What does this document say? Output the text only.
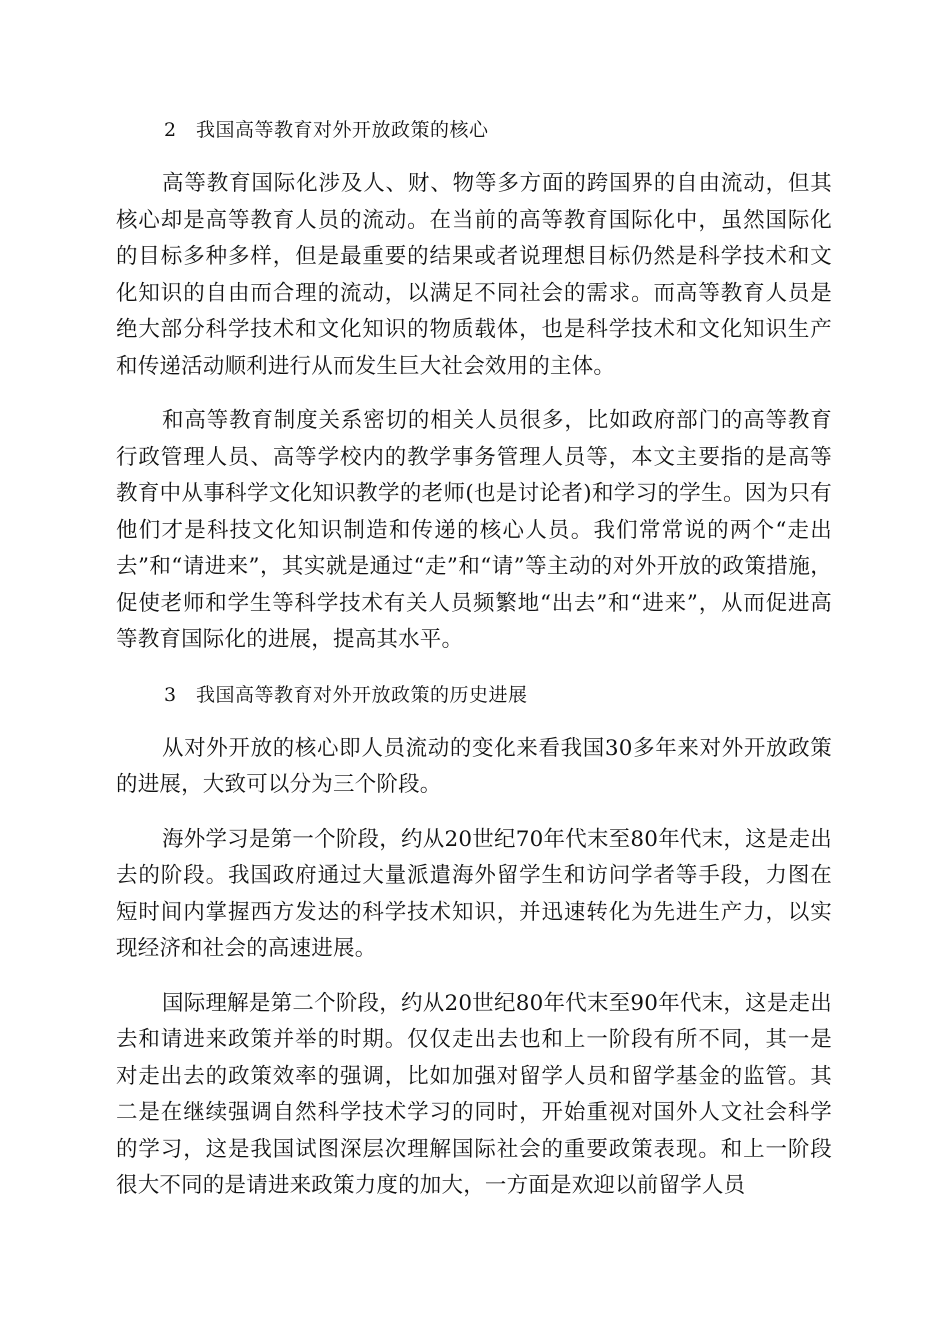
2 我国高等教育对外开放政策的核心

高等教育国际化涉及人、财、物等多方面的跨国界的自由流动，但其核心却是高等教育人员的流动。在当前的高等教育国际化中，虽然国际化的目标多种多样，但是最重要的结果或者说理想目标仍然是科学技术和文化知识的自由而合理的流动，以满足不同社会的需求。而高等教育人员是绝大部分科学技术和文化知识的物质载体，也是科学技术和文化知识生产和传递活动顺利进行从而发生巨大社会效用的主体。

和高等教育制度关系密切的相关人员很多，比如政府部门的高等教育行政管理人员、高等学校内的教学事务管理人员等，本文主要指的是高等教育中从事科学文化知识教学的老师(也是讨论者)和学习的学生。因为只有他们才是科技文化知识制造和传递的核心人员。我们常常说的两个“走出去”和“请进来”，其实就是通过“走”和“请”等主动的对外开放的政策措施，促使老师和学生等科学技术有关人员频繁地“出去”和“进来”，从而促进高等教育国际化的进展，提高其水平。

3 我国高等教育对外开放政策的历史进展

从对外开放的核心即人员流动的变化来看我国30多年来对外开放政策的进展，大致可以分为三个阶段。

海外学习是第一个阶段，约从20世纪70年代末至80年代末，这是走出去的阶段。我国政府通过大量派遣海外留学生和访问学者等手段，力图在短时间内掌握西方发达的科学技术知识，并迅速转化为先进生产力，以实现经济和社会的高速进展。

国际理解是第二个阶段，约从20世纪80年代末至90年代末，这是走出去和请进来政策并举的时期。仅仅走出去也和上一阶段有所不同，其一是对走出去的政策效率的强调，比如加强对留学人员和留学基金的监管。其二是在继续强调自然科学技术学习的同时，开始重视对国外人文社会科学的学习，这是我国试图深层次理解国际社会的重要政策表现。和上一阶段很大不同的是请进来政策力度的加大，一方面是欢迎以前留学人员
